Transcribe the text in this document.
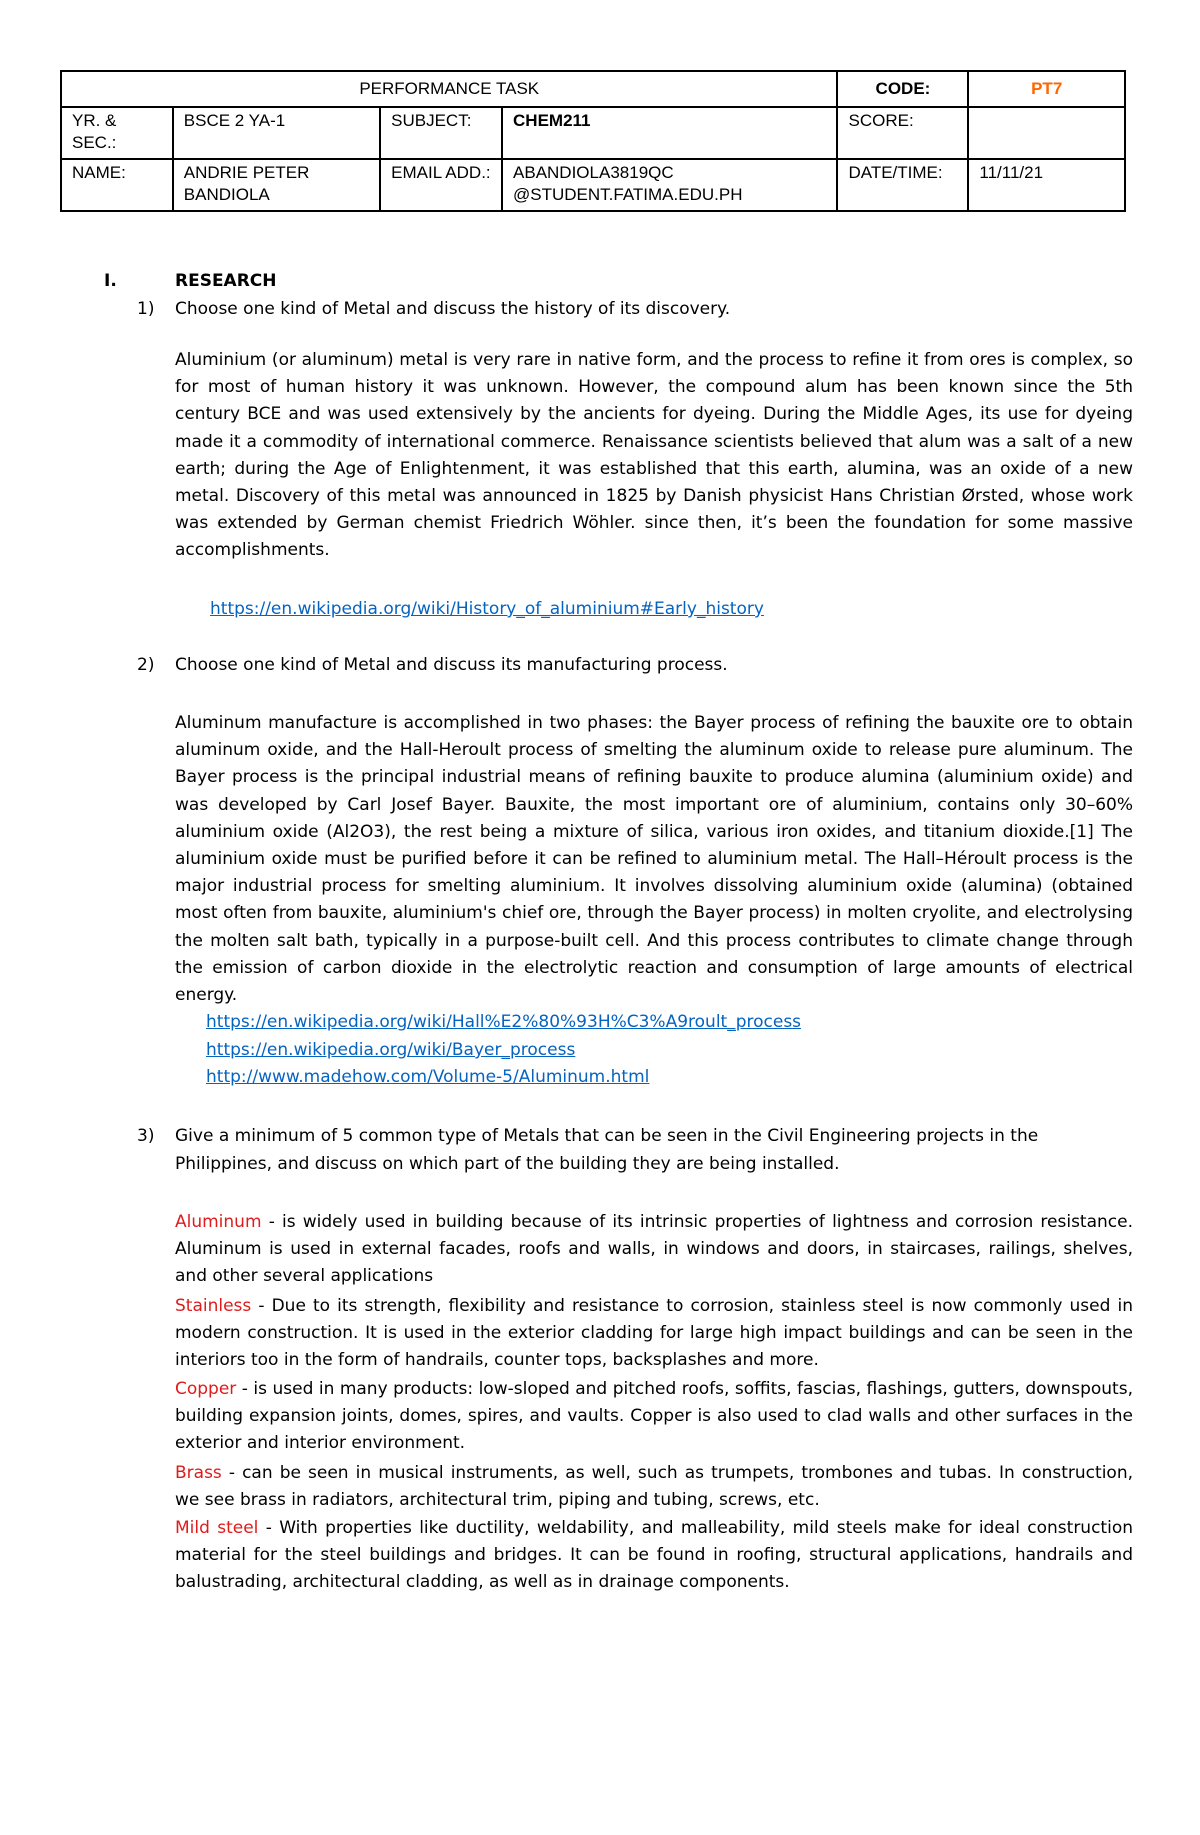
PERFORMANCE TASK				CODE:	PT7
YR. & SEC.:	BSCE 2 YA-1	SUBJECT:	CHEM211	SCORE:	
NAME:	ANDRIE PETER BANDIOLA	EMAIL ADD.:	ABANDIOLA3819QC @STUDENT.FATIMA.EDU.PH	DATE/TIME:	11/11/21
I.	RESEARCH
1) Choose one kind of Metal and discuss the history of its discovery.
Aluminium (or aluminum) metal is very rare in native form, and the process to refine it from ores is complex, so for most of human history it was unknown. However, the compound alum has been known since the 5th century BCE and was used extensively by the ancients for dyeing. During the Middle Ages, its use for dyeing made it a commodity of international commerce. Renaissance scientists believed that alum was a salt of a new earth; during the Age of Enlightenment, it was established that this earth, alumina, was an oxide of a new metal. Discovery of this metal was announced in 1825 by Danish physicist Hans Christian Ørsted, whose work was extended by German chemist Friedrich Wöhler. since then, it’s been the foundation for some massive accomplishments.
https://en.wikipedia.org/wiki/History_of_aluminium#Early_history
2) Choose one kind of Metal and discuss its manufacturing process.
Aluminum manufacture is accomplished in two phases: the Bayer process of refining the bauxite ore to obtain aluminum oxide, and the Hall-Heroult process of smelting the aluminum oxide to release pure aluminum. The Bayer process is the principal industrial means of refining bauxite to produce alumina (aluminium oxide) and was developed by Carl Josef Bayer. Bauxite, the most important ore of aluminium, contains only 30–60% aluminium oxide (Al2O3), the rest being a mixture of silica, various iron oxides, and titanium dioxide.[1] The aluminium oxide must be purified before it can be refined to aluminium metal. The Hall–Héroult process is the major industrial process for smelting aluminium. It involves dissolving aluminium oxide (alumina) (obtained most often from bauxite, aluminium's chief ore, through the Bayer process) in molten cryolite, and electrolysing the molten salt bath, typically in a purpose-built cell. And this process contributes to climate change through the emission of carbon dioxide in the electrolytic reaction and consumption of large amounts of electrical energy.
https://en.wikipedia.org/wiki/Hall%E2%80%93H%C3%A9roult_process
https://en.wikipedia.org/wiki/Bayer_process
http://www.madehow.com/Volume-5/Aluminum.html
3) Give a minimum of 5 common type of Metals that can be seen in the Civil Engineering projects in the
Philippines, and discuss on which part of the building they are being installed.
Aluminum - is widely used in building because of its intrinsic properties of lightness and corrosion resistance. Aluminum is used in external facades, roofs and walls, in windows and doors, in staircases, railings, shelves, and other several applications
Stainless - Due to its strength, flexibility and resistance to corrosion, stainless steel is now commonly used in modern construction. It is used in the exterior cladding for large high impact buildings and can be seen in the interiors too in the form of handrails, counter tops, backsplashes and more.
Copper - is used in many products: low-sloped and pitched roofs, soffits, fascias, flashings, gutters, downspouts, building expansion joints, domes, spires, and vaults. Copper is also used to clad walls and other surfaces in the exterior and interior environment.
Brass - can be seen in musical instruments, as well, such as trumpets, trombones and tubas. In construction, we see brass in radiators, architectural trim, piping and tubing, screws, etc.
Mild steel - With properties like ductility, weldability, and malleability, mild steels make for ideal construction material for the steel buildings and bridges. It can be found in roofing, structural applications, handrails and balustrading, architectural cladding, as well as in drainage components.
